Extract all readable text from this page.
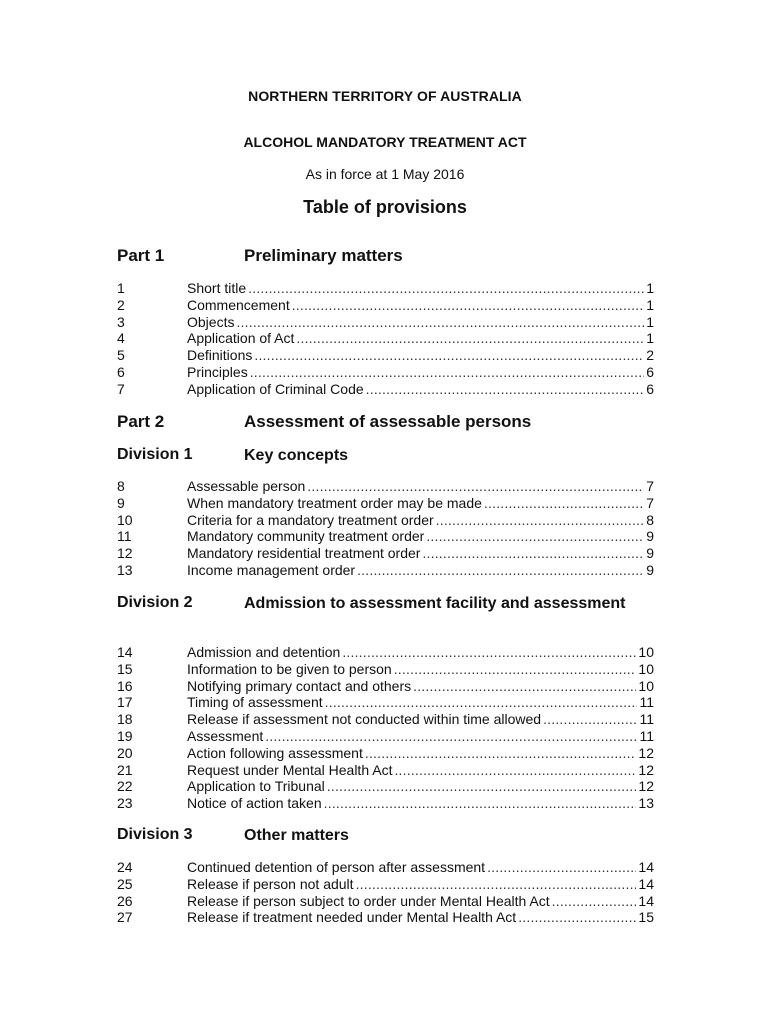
NORTHERN TERRITORY OF AUSTRALIA
ALCOHOL MANDATORY TREATMENT ACT
As in force at 1 May 2016
Table of provisions
Part 1	Preliminary matters
1	Short title .....	1
2	Commencement .....	1
3	Objects .....	1
4	Application of Act .....	1
5	Definitions .....	2
6	Principles .....	6
7	Application of Criminal Code .....	6
Part 2	Assessment of assessable persons
Division 1	Key concepts
8	Assessable person .....	7
9	When mandatory treatment order may be made .....	7
10	Criteria for a mandatory treatment order .....	8
11	Mandatory community treatment order .....	9
12	Mandatory residential treatment order .....	9
13	Income management order .....	9
Division 2	Admission to assessment facility and assessment
14	Admission and detention .....	10
15	Information to be given to person .....	10
16	Notifying primary contact and others .....	10
17	Timing of assessment .....	11
18	Release if assessment not conducted within time allowed .....	11
19	Assessment .....	11
20	Action following assessment .....	12
21	Request under Mental Health Act .....	12
22	Application to Tribunal .....	12
23	Notice of action taken .....	13
Division 3	Other matters
24	Continued detention of person after assessment .....	14
25	Release if person not adult .....	14
26	Release if person subject to order under Mental Health Act .....	14
27	Release if treatment needed under Mental Health Act .....	15
